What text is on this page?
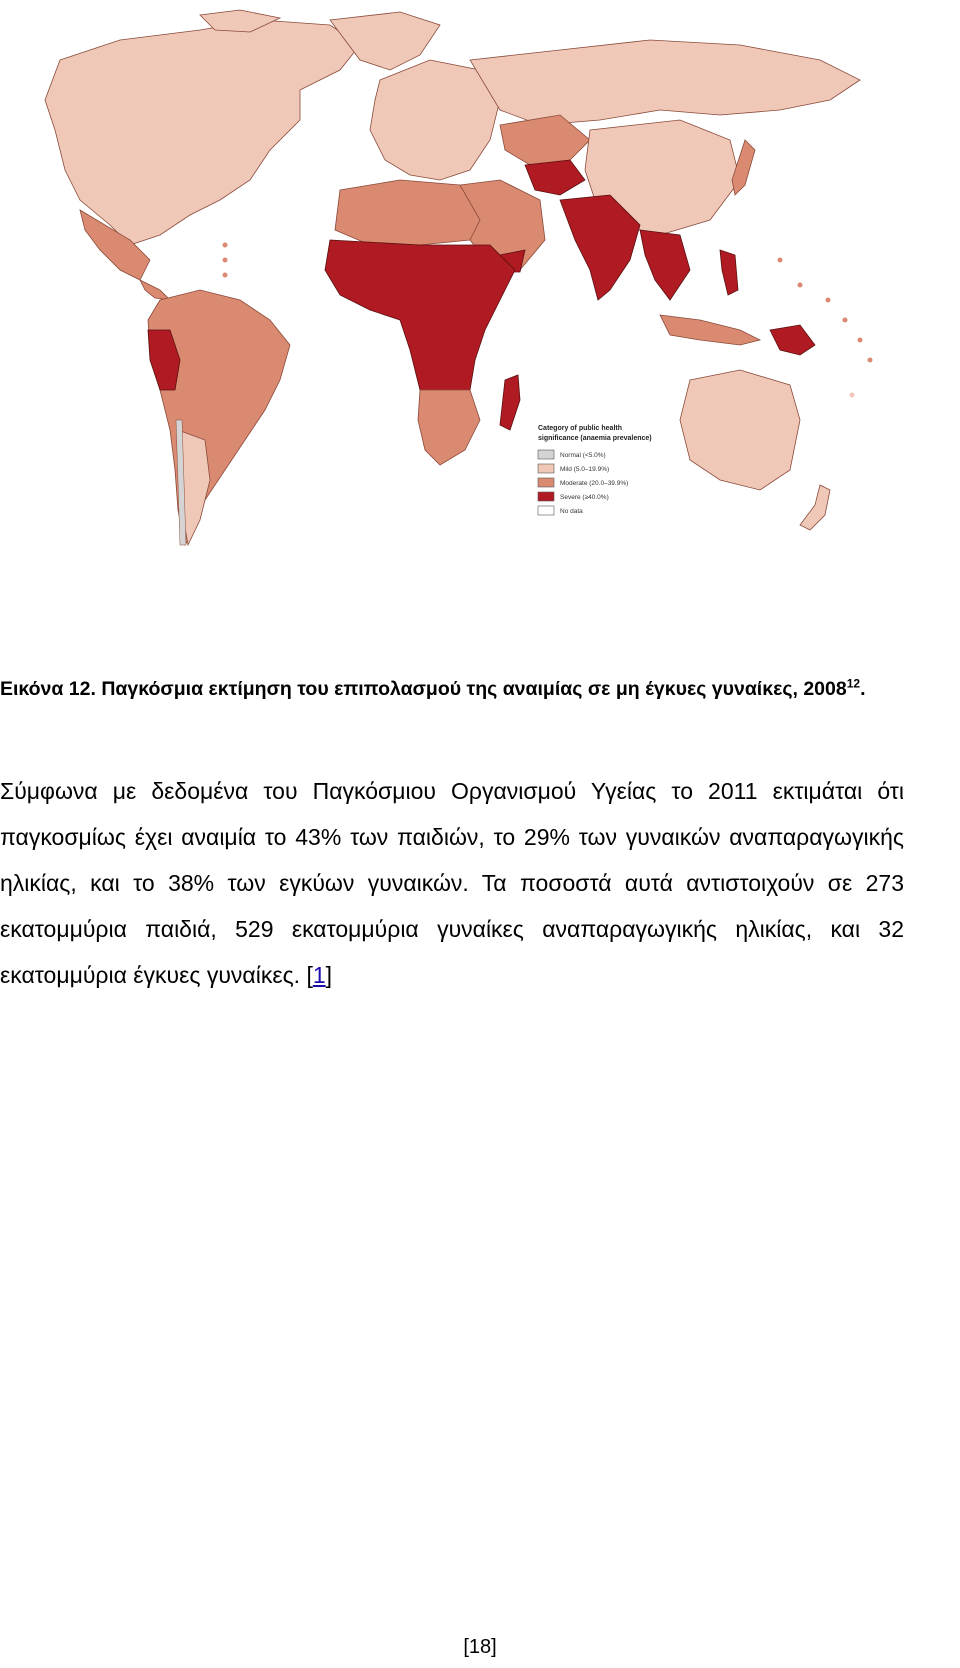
Category of public health
significance (anaemia prevalence)
Normal (<5.0%)
Mild (5.0–19.9%)
Moderate (20.0–39.9%)
Severe (≥40.0%)
No data
Εικόνα 12. Παγκόσμια εκτίμηση του επιπολασμού της αναιμίας σε μη έγκυες γυναίκες, 2008$^{12}$.
Σύμφωνα με δεδομένα του Παγκόσμιου Οργανισμού Υγείας το 2011 εκτιμάται ότι παγκοσμίως έχει αναιμία το 43% των παιδιών, το 29% των γυναικών αναπαραγωγικής ηλικίας, και το 38% των εγκύων γυναικών. Τα ποσοστά αυτά αντιστοιχούν σε 273 εκατομμύρια παιδιά, 529 εκατομμύρια γυναίκες αναπαραγωγικής ηλικίας, και 32 εκατομμύρια έγκυες γυναίκες. [1]
[18]
